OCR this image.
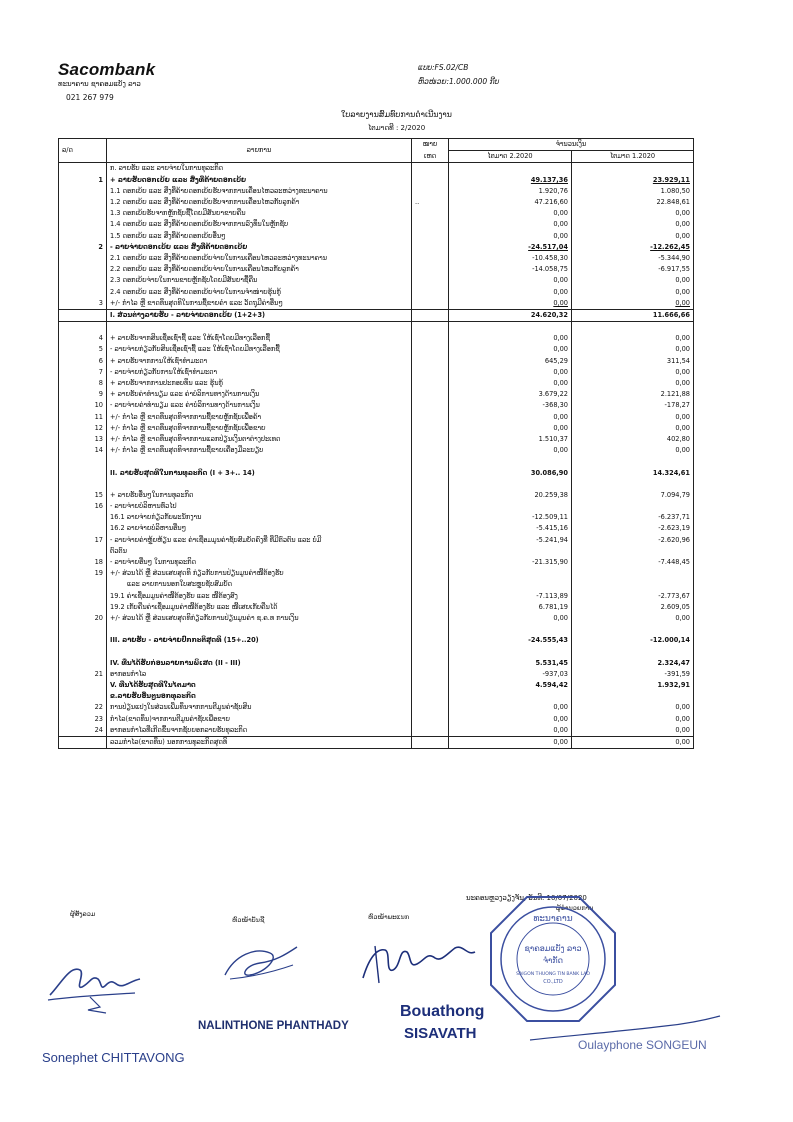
Sacombank
ທະນາຄານ ຊາຄອມແບັງ ລາວ
021 267 979
ແບບ:FS.02/CB
ຫົວໜ່ວຍ:1.000.000 ກີບ
ໃບລາຍງານສົມທົບການດຳເນີນງານ
ໄຕມາດທີ : 2/2020
ລ/ດ	ລາຍການ	ໝາຍ	ຈຳນວນເງິນ	
		ເຫດ	ໄຕມາດ 2.2020	ໄຕມາດ 1.2020
	ກ. ລາຍຮັບ ແລະ ລາຍຈ່າຍໃນການທຸລະກິດ			
1	+ ລາຍຮັບດອກເບ້ຍ ແລະ ສິ່ງທີ່ຄ້າຍດອກເບ້ຍ		49.137,36	23.929,11
	1.1 ດອກເບ້ຍ ແລະ ສິ່ງທີ່ຄ້າຍດອກເບ້ຍຮັບຈາກການເຄື່ອນໄຫວລະຫວ່າງທະນາຄານ		1.920,76	1.080,50
	1.2 ດອກເບ້ຍ ແລະ ສິ່ງທີ່ຄ້າຍດອກເບ້ຍຮັບຈາກການເຄື່ອນໄຫວກັບລູກຄ້າ	..	47.216,60	22.848,61
	1.3 ດອກເບ້ຍຮັບຈາກຫຼັກຊັບຊື້ໂດຍມີສັນຍາຂາຍຄືນ		0,00	0,00
	1.4 ດອກເບ້ຍ ແລະ ສິ່ງທີ່ຄ້າຍດອກເບ້ຍຮັບຈາກການລົງທຶນໃນຫຼັກຊັບ		0,00	0,00
	1.5 ດອກເບ້ຍ ແລະ ສິ່ງທີ່ຄ້າຍດອກເບ້ຍອື່ນໆ		0,00	0,00
2	- ລາຍຈ່າຍດອກເບ້ຍ ແລະ ສິ່ງທີ່ຄ້າຍດອກເບ້ຍ		-24.517,04	-12.262,45
	2.1 ດອກເບ້ຍ ແລະ ສິ່ງທີ່ຄ້າຍດອກເບ້ຍຈ່າຍໃນການເຄື່ອນໄຫວລະຫວ່າງທະນາຄານ		-10.458,30	-5.344,90
	2.2 ດອກເບ້ຍ ແລະ ສິ່ງທີ່ຄ້າຍດອກເບ້ຍຈ່າຍໃນການເຄື່ອນໄຫວກັບລູກຄ້າ		-14.058,75	-6.917,55
	2.3 ດອກເບ້ຍຈ່າຍໃນການຂາຍຫຼັກຊັບໂດຍມີສັນຍາຊື້ຄືນ		0,00	0,00
	2.4 ດອກເບ້ຍ ແລະ ສິ່ງທີ່ຄ້າຍດອກເບ້ຍຈ່າຍໃນການຈຳໜ່າຍຮຸ້ນກູ້		0,00	0,00
3	+/- ກຳໄລ ຫຼື ຂາດທຶນສຸດທິໃນການຊື້ຂາຍຄຳ ແລະ ວັດຖຸມີຄ່າອື່ນໆ		0,00	0,00
	I. ສ່ວນຕ່າງລາຍຮັບ - ລາຍຈ່າຍດອກເບ້ຍ (1+2+3)		24.620,32	11.666,66

4	+ ລາຍຮັບຈາກສິນເຊື່ອເຊົ່າຊື້ ແລະ ໃຫ້ເຊົ່າໂດຍມີທາງເລືອກຊື້		0,00	0,00
5	- ລາຍຈ່າຍກ່ຽວກັບສິນເຊື່ອເຊົ່າຊື້ ແລະ ໃຫ້ເຊົ່າໂດຍມີທາງເລືອກຊື້		0,00	0,00
6	+ ລາຍຮັບຈາກການໃຫ້ເຊົ່າທຳມະດາ		645,29	311,54
7	- ລາຍຈ່າຍກ່ຽວກັບການໃຫ້ເຊົ່າທຳມະດາ		0,00	0,00
8	+ ລາຍຮັບຈາກການປະກອບທຶນ ແລະ ຮຸ້ນກູ້		0,00	0,00
9	+ ລາຍຮັບຄ່າທຳນຽມ ແລະ ຄ່າບໍລິການທາງດ້ານການເງິນ		3.679,22	2.121,88
10	- ລາຍຈ່າຍຄ່າທຳນຽມ ແລະ ຄ່າບໍລິການທາງດ້ານການເງິນ		-368,30	-178,27
11	+/- ກຳໄລ ຫຼື ຂາດທຶນສຸດທິຈາກການຊື້ຂາຍຫຼັກຊັບເພື່ອຄ້າ		0,00	0,00
12	+/- ກຳໄລ ຫຼື ຂາດທຶນສຸດທິຈາກການຊື້ຂາຍຫຼັກຊັບເພື່ອຂາຍ		0,00	0,00
13	+/- ກຳໄລ ຫຼື ຂາດທຶນສຸດທິຈາກການແລກປ່ຽນເງິນຕາຕ່າງປະເທດ		1.510,37	402,80
14	+/- ກຳໄລ ຫຼື ຂາດທຶນສຸດທິຈາກການຊື້ຂາຍເຄື່ອງມືລະບຽບ		0,00	0,00

	II. ລາຍຮັບສຸດທິໃນການທຸລະກິດ (I + 3+.. 14)		30.086,90	14.324,61

15	+ ລາຍຮັບອື່ນໆໃນການທຸລະກິດ		20.259,38	7.094,79
16	- ລາຍຈ່າຍບໍລິຫານທົ່ວໄປ			
	16.1 ລາຍຈ່າຍກ່ຽວກັບພະນັກງານ		-12.509,11	-6.237,71
	16.2 ລາຍຈ່າຍບໍລິຫານອື່ນໆ		-5.415,16	-2.623,19
17	- ລາຍຈ່າຍຄ່າຫຼຸ້ຍຫ້ຽນ ແລະ ຄ່າເຊື່ອມມູນຄ່າຊັບສົມບັດຄົງທີ່ ທີ່ມີຕົວຕົນ ແລະ ບໍ່ມີ		-5.241,94	-2.620,96
	ຕົວຕົນ			
18	- ລາຍຈ່າຍອື່ນໆ ໃນການທຸລະກິດ		-21.315,90	-7.448,45
19	+/- ສ່ວນໄດ້ ຫຼື ສ່ວນເສຍສຸດທິ ກ່ຽວກັບການປ່ຽນມູນຄ່າໜີ້ຕ້ອງຮັບ			
	ແລະ ລາຍການນອກໃບສະຫຼຸບຊັບສົມບັດ			
	19.1 ຄ່າເຊື່ອມມູນຄ່າໜີ້ຕ້ອງຮັບ ແລະ ໜີ້ຕ້ອງສົງ		-7.113,89	-2.773,67
	19.2 ເກັບຄືນຄ່າເຊື່ອມມູນຄ່າໜີ້ຕ້ອງຮັບ ແລະ ໜີ້ເສຍເກັບຄືນໄດ້		6.781,19	2.609,05
20	+/- ສ່ວນໄດ້ ຫຼື ສ່ວນເສຍສຸດທິກ່ຽວກັບການປ່ຽນມູນຄ່າ ຊ.ຄ.ທ ການເງິນ		0,00	0,00

	III. ລາຍຮັບ - ລາຍຈ່າຍປົກກະຕິສຸດທິ (15+..20)		-24.555,43	-12.000,14

	IV. ທືນໄດ້ຮັບກ່ອນລາຍການພິເສດ (II - III)		5.531,45	2.324,47
21	ອາກອນກຳໄລ		-937,03	-391,59
	V. ທືນໄດ້ຮັບສຸດທິໃນໄຕມາດ		4.594,42	1.932,91
	ຂ.ລາຍຮັບອື່ນໆນອກທຸລະກິດ			
22	ການປ່ຽນແປງໃນສ່ວນເພີ່ມທຶນຈາກການຕີມູນຄ່າຊັບສິນ		0,00	0,00
23	ກຳໄລ(ຂາດທຶນ)ຈາກການຕີມູນຄ່າຊັບເພື່ອຂາຍ		0,00	0,00
24	ອາກອນກຳໄລທີ່ເກີດຂຶ້ນຈາກຊັບຍອກລາຍຮັບທຸລະກິດ		0,00	0,00
	ລວມກຳໄລ(ຂາດທຶນ) ນອກການທຸລະກິດສຸດທິ		0,00	0,00
ນະຄອນຫຼວງວຽງຈັນ, ວັນທີ: 10/07/2020
ຜູ້ສັງລວມ
ຫົວໜ້າບັນຊີ	ຫົວໜ້າພະແນກ
ຜູ້ອຳນວຍການ
Sonephet CHITTAVONG
NALINTHONE PHANTHADY
Bouathong
SISAVATH
Oulayphone SONGEUN
ທະນາຄານ
ຊາຄອມແບັງ ລາວ
ຈຳກັດ
SAIGON THUONG TIN BANK LAO
CO.,LTD
